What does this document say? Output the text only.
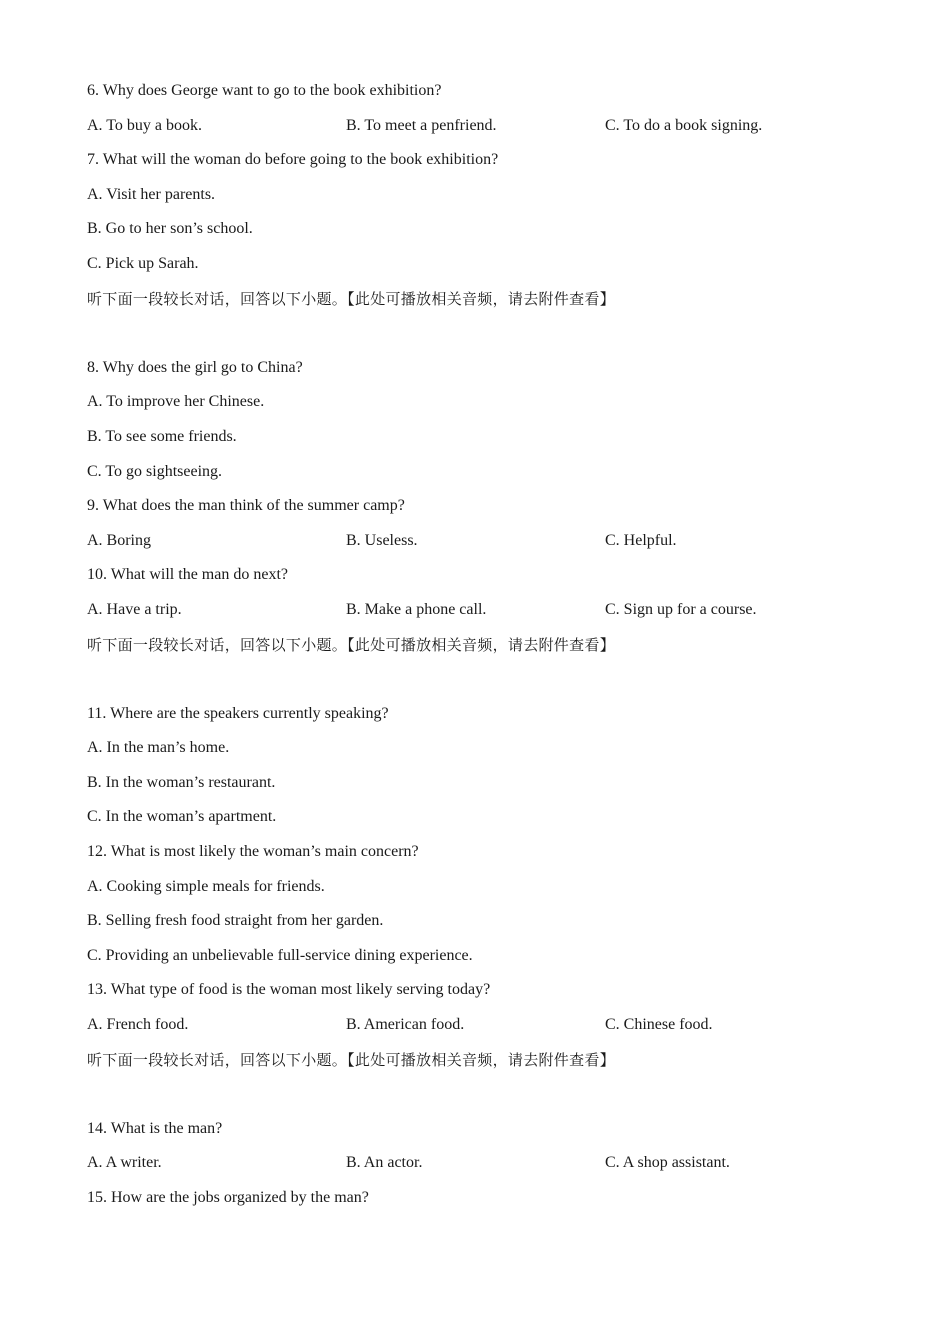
6. Why does George want to go to the book exhibition?
A. To buy a book.	B. To meet a penfriend.	C. To do a book signing.
7. What will the woman do before going to the book exhibition?
A. Visit her parents.
B. Go to her son’s school.
C. Pick up Sarah.
听下面一段较长对话，回答以下小题。【此处可播放相关音频，请去附件查看】
8. Why does the girl go to China?
A. To improve her Chinese.
B. To see some friends.
C. To go sightseeing.
9. What does the man think of the summer camp?
A. Boring	B. Useless.	C. Helpful.
10. What will the man do next?
A. Have a trip.	B. Make a phone call.	C. Sign up for a course.
听下面一段较长对话，回答以下小题。【此处可播放相关音频，请去附件查看】
11. Where are the speakers currently speaking?
A. In the man’s home.
B. In the woman’s restaurant.
C. In the woman’s apartment.
12. What is most likely the woman’s main concern?
A. Cooking simple meals for friends.
B. Selling fresh food straight from her garden.
C. Providing an unbelievable full-service dining experience.
13. What type of food is the woman most likely serving today?
A. French food.	B. American food.	C. Chinese food.
听下面一段较长对话，回答以下小题。【此处可播放相关音频，请去附件查看】
14. What is the man?
A. A writer.	B. An actor.	C. A shop assistant.
15. How are the jobs organized by the man?
